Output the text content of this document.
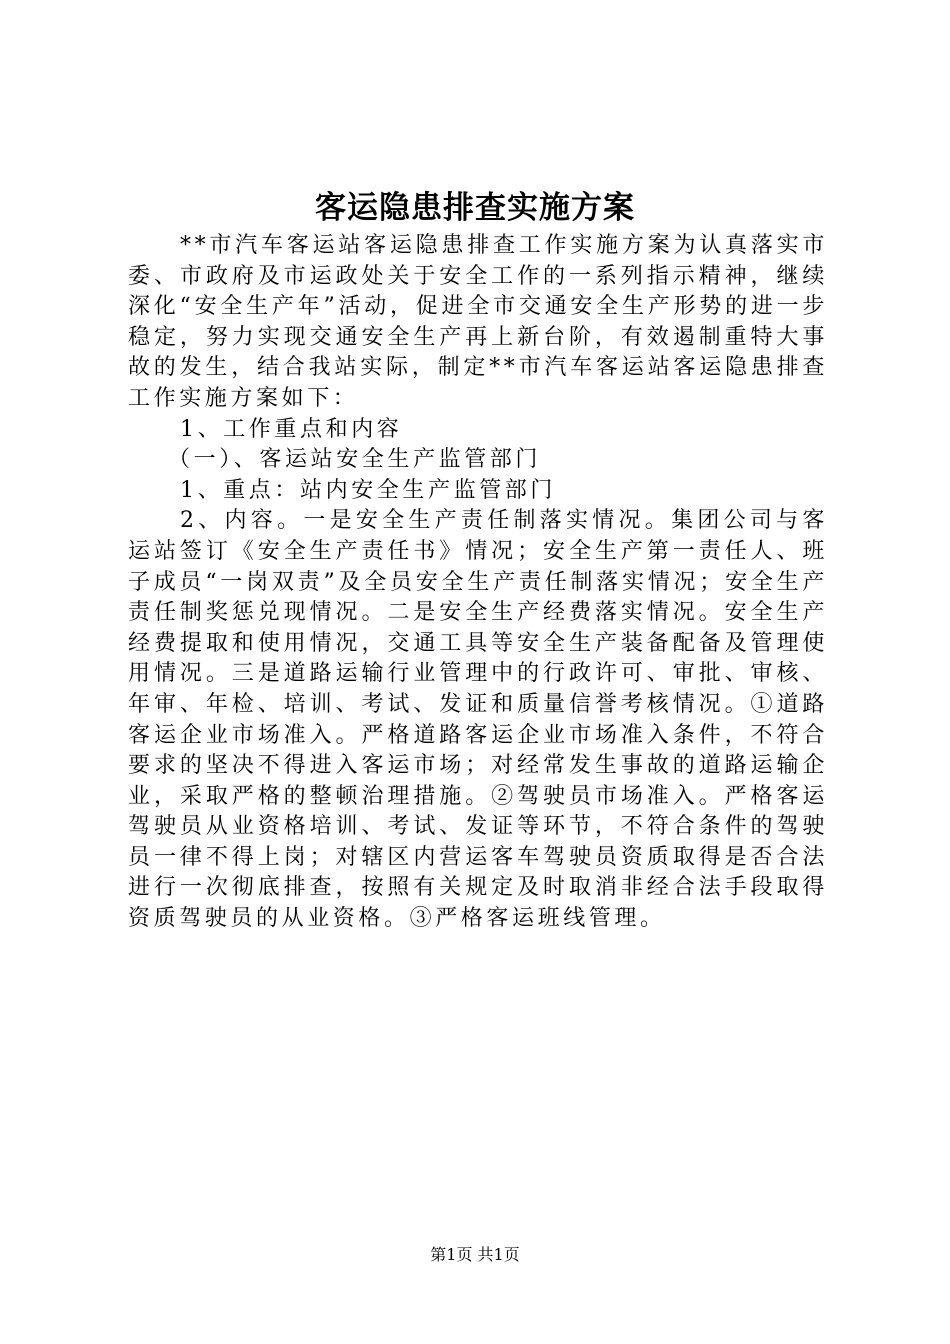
客运隐患排查实施方案

**市汽车客运站客运隐患排查工作实施方案为认真落实市委、市政府及市运政处关于安全工作的一系列指示精神，继续深化“安全生产年”活动，促进全市交通安全生产形势的进一步稳定，努力实现交通安全生产再上新台阶，有效遏制重特大事故的发生，结合我站实际，制定**市汽车客运站客运隐患排查工作实施方案如下：

1、工作重点和内容

（一）、客运站安全生产监管部门

1、重点：站内安全生产监管部门

2、内容。一是安全生产责任制落实情况。集团公司与客运站签订《安全生产责任书》情况；安全生产第一责任人、班子成员“一岗双责”及全员安全生产责任制落实情况；安全生产责任制奖惩兑现情况。二是安全生产经费落实情况。安全生产经费提取和使用情况，交通工具等安全生产装备配备及管理使用情况。三是道路运输行业管理中的行政许可、审批、审核、年审、年检、培训、考试、发证和质量信誉考核情况。①道路客运企业市场准入。严格道路客运企业市场准入条件，不符合要求的坚决不得进入客运市场；对经常发生事故的道路运输企业，采取严格的整顿治理措施。②驾驶员市场准入。严格客运驾驶员从业资格培训、考试、发证等环节，不符合条件的驾驶员一律不得上岗；对辖区内营运客车驾驶员资质取得是否合法进行一次彻底排查，按照有关规定及时取消非经合法手段取得资质驾驶员的从业资格。③严格客运班线管理。

第1页 共1页
